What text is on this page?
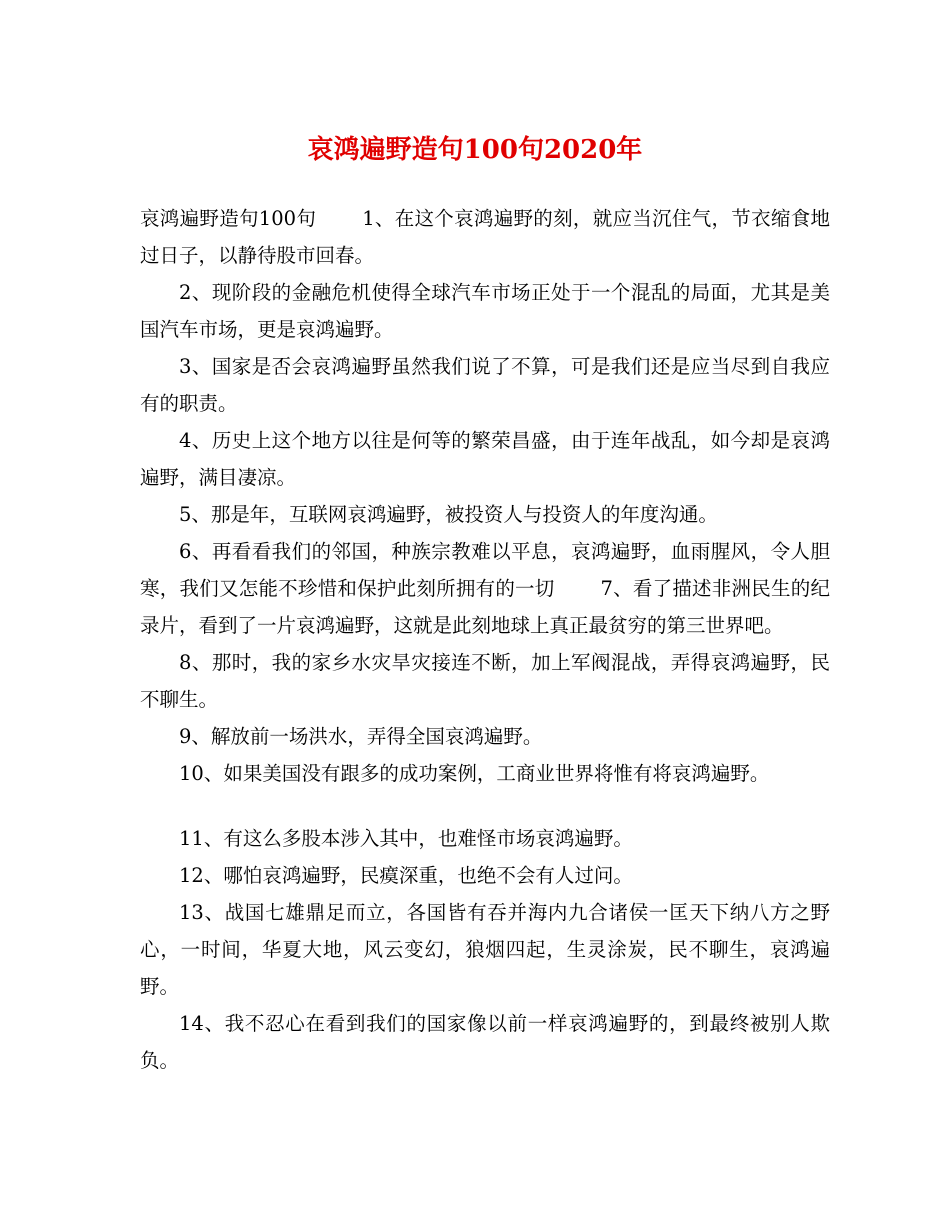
哀鸿遍野造句100句2020年

哀鸿遍野造句100句 　　1、在这个哀鸿遍野的刻，就应当沉住气，节衣缩食地过日子，以静待股市回春。

2、现阶段的金融危机使得全球汽车市场正处于一个混乱的局面，尤其是美国汽车市场，更是哀鸿遍野。

3、国家是否会哀鸿遍野虽然我们说了不算，可是我们还是应当尽到自我应有的职责。

4、历史上这个地方以往是何等的繁荣昌盛，由于连年战乱，如今却是哀鸿遍野，满目凄凉。

5、那是年，互联网哀鸿遍野，被投资人与投资人的年度沟通。

6、再看看我们的邻国，种族宗教难以平息，哀鸿遍野，血雨腥风，令人胆寒，我们又怎能不珍惜和保护此刻所拥有的一切 　　7、看了描述非洲民生的纪录片，看到了一片哀鸿遍野，这就是此刻地球上真正最贫穷的第三世界吧。

8、那时，我的家乡水灾旱灾接连不断，加上军阀混战，弄得哀鸿遍野，民不聊生。

9、解放前一场洪水，弄得全国哀鸿遍野。

10、如果美国没有跟多的成功案例，工商业世界将惟有将哀鸿遍野。

11、有这么多股本涉入其中，也难怪市场哀鸿遍野。

12、哪怕哀鸿遍野，民瘼深重，也绝不会有人过问。

13、战国七雄鼎足而立，各国皆有吞并海内九合诸侯一匡天下纳八方之野心，一时间，华夏大地，风云变幻，狼烟四起，生灵涂炭，民不聊生，哀鸿遍野。

14、我不忍心在看到我们的国家像以前一样哀鸿遍野的，到最终被别人欺负。
